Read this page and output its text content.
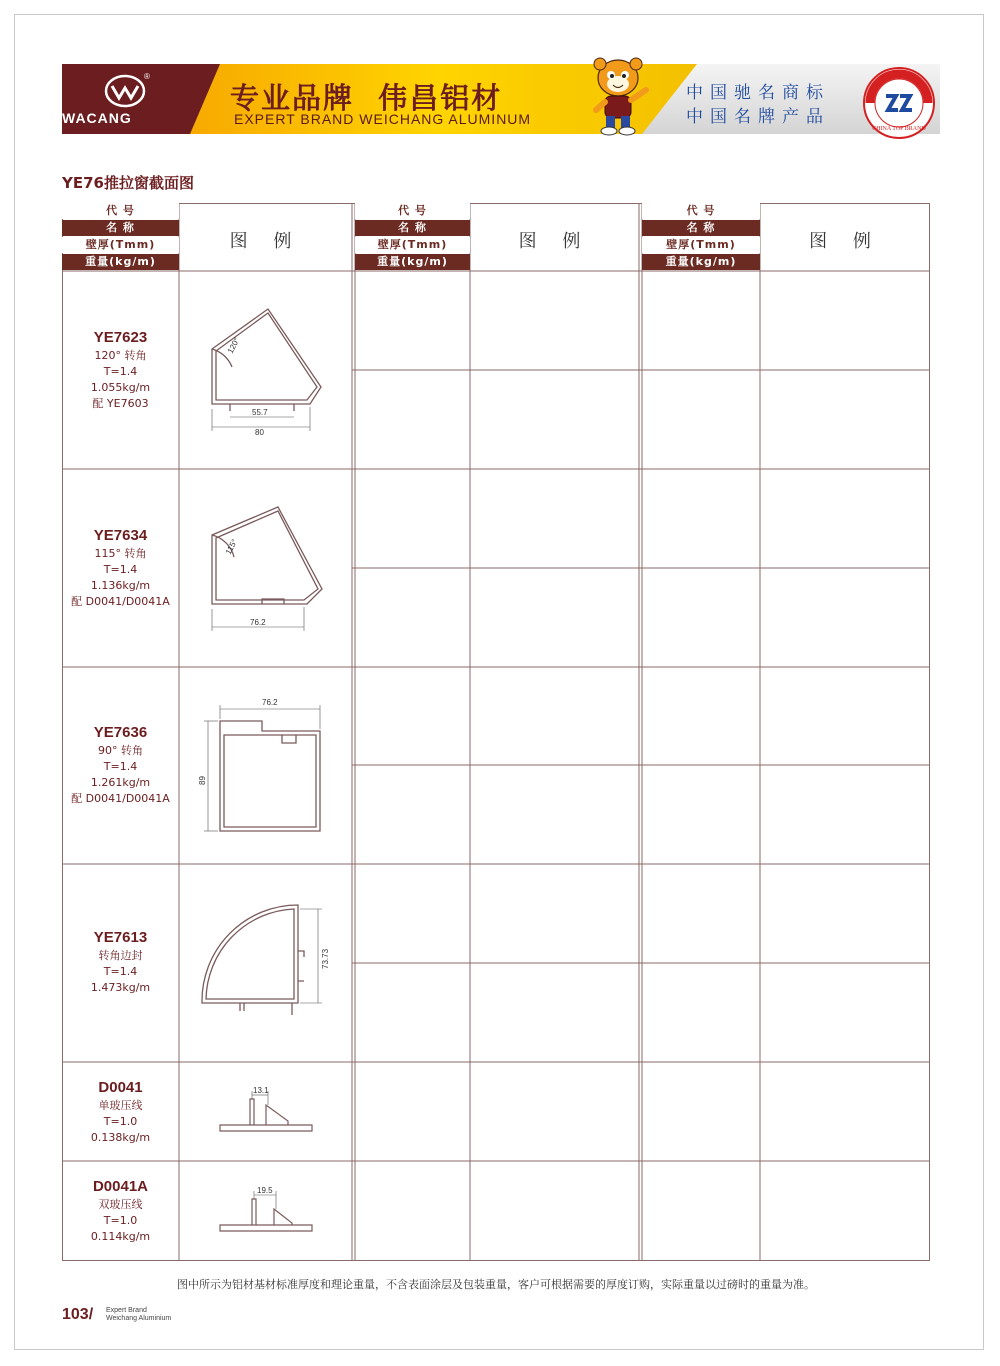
®
WACANG
专业品牌  伟昌铝材
EXPERT BRAND WEICHANG ALUMINUM
中国驰名商标
中国名牌产品
CHINA TOP BRAND
YE76推拉窗截面图
代 号
名 称
壁厚(Tmm)
重量(kg/m)
图 例
代 号
名 称
壁厚(Tmm)
重量(kg/m)
图 例
代 号
名 称
壁厚(Tmm)
重量(kg/m)
图 例
YE7623
120° 转角
T=1.4
1.055kg/m
配 YE7603
120°
55.7
80
YE7634
115° 转角
T=1.4
1.136kg/m
配 D0041/D0041A
115°
76.2
YE7636
90° 转角
T=1.4
1.261kg/m
配 D0041/D0041A
76.2
89
YE7613
转角边封
T=1.4
1.473kg/m
73.73
D0041
单玻压线
T=1.0
0.138kg/m
13.1
D0041A
双玻压线
T=1.0
0.114kg/m
19.5
图中所示为铝材基材标准厚度和理论重量，不含表面涂层及包装重量，客户可根据需要的厚度订购，实际重量以过磅时的重量为准。
103/ Expert Brand
Weichang Aluminium
